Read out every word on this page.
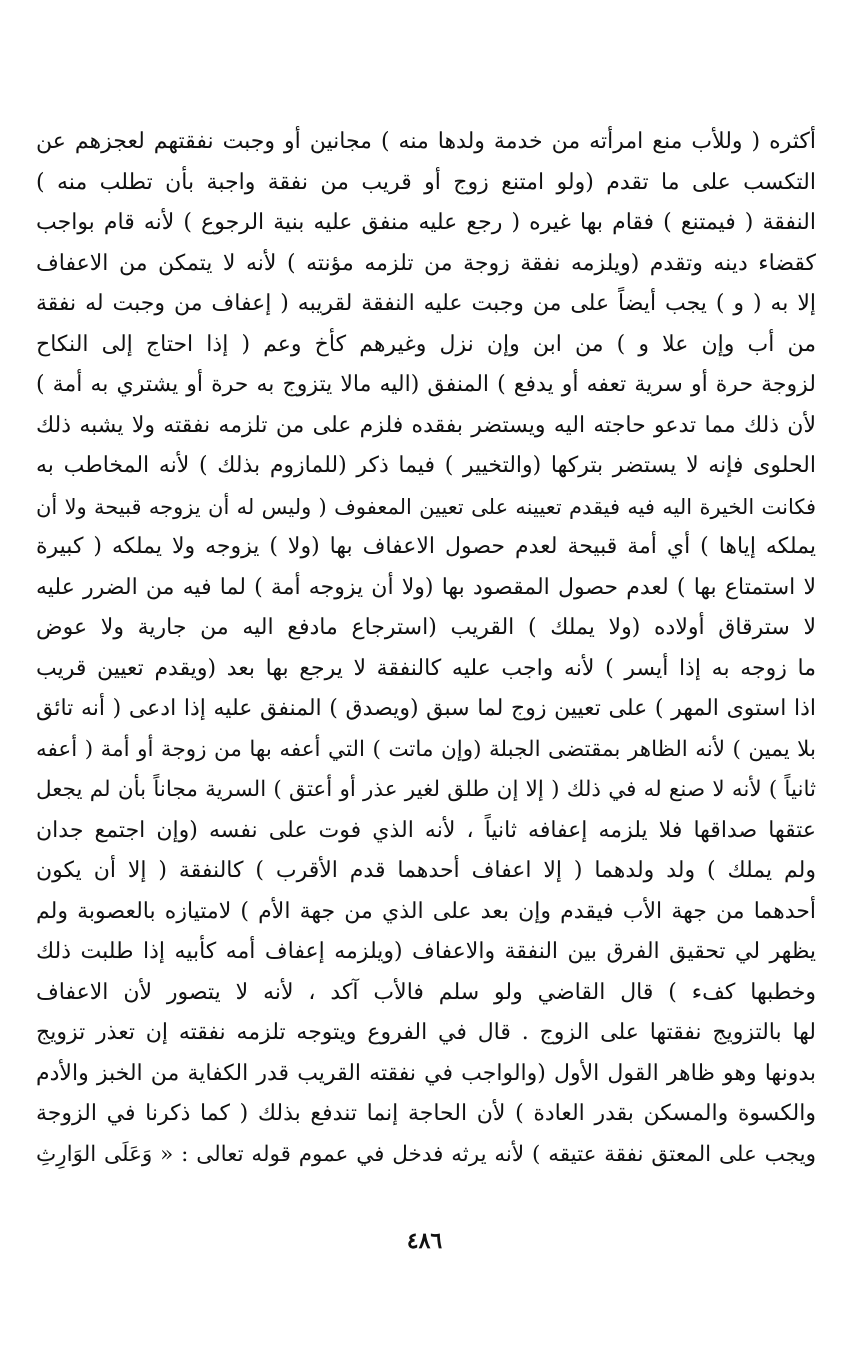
أكثره ( وللأب منع امرأته من خدمة ولدها منه ) مجانين أو وجبت نفقتهم لعجزهم عن
التكسب على ما تقدم (ولو امتنع زوج أو قريب من نفقة واجبة بأن تطلب منه )
النفقة ( فيمتنع ) فقام بها غيره ( رجع عليه منفق عليه بنية الرجوع ) لأنه قام بواجب
كقضاء دينه وتقدم (ويلزمه نفقة زوجة من تلزمه مؤنته ) لأنه لا يتمكن من الاعفاف
إلا به ( و ) يجب أيضاً على من وجبت عليه النفقة لقريبه ( إعفاف من وجبت له نفقة
من أب وإن علا و ) من ابن وإن نزل وغيرهم كأخ وعم ( إذا احتاج إلى النكاح
لزوجة حرة أو سرية تعفه أو يدفع ) المنفق (اليه مالا يتزوج به حرة أو يشتري به أمة )
لأن ذلك مما تدعو حاجته اليه ويستضر بفقده فلزم على من تلزمه نفقته ولا يشبه ذلك
الحلوى فإنه لا يستضر بتركها (والتخيير ) فيما ذكر (للمازوم بذلك ) لأنه المخاطب به
فكانت الخيرة اليه فيه فيقدم تعيينه على تعيين المعفوف ( وليس له أن يزوجه قبيحة ولا أن
يملكه إياها ) أي أمة قبيحة لعدم حصول الاعفاف بها (ولا ) يزوجه ولا يملكه ( كبيرة
لا استمتاع بها ) لعدم حصول المقصود بها (ولا أن يزوجه أمة ) لما فيه من الضرر عليه
لا سترقاق أولاده (ولا يملك ) القريب (استرجاع مادفع اليه من جارية ولا عوض
ما زوجه به إذا أيسر ) لأنه واجب عليه كالنفقة لا يرجع بها بعد (ويقدم تعيين قريب
اذا استوى المهر ) على تعيين زوج لما سبق (ويصدق ) المنفق عليه إذا ادعى ( أنه تائق
بلا يمين ) لأنه الظاهر بمقتضى الجبلة (وإن ماتت ) التي أعفه بها من زوجة أو أمة ( أعفه
ثانياً ) لأنه لا صنع له في ذلك ( إلا إن طلق لغير عذر أو أعتق ) السرية مجاناً بأن لم يجعل
عتقها صداقها فلا يلزمه إعفافه ثانياً ، لأنه الذي فوت على نفسه (وإن اجتمع جدان
ولم يملك ) ولد ولدهما ( إلا اعفاف أحدهما قدم الأقرب ) كالنفقة ( إلا أن يكون
أحدهما من جهة الأب فيقدم وإن بعد على الذي من جهة الأم ) لامتيازه بالعصوبة ولم
يظهر لي تحقيق الفرق بين النفقة والاعفاف (ويلزمه إعفاف أمه كأبيه إذا طلبت ذلك
وخطبها كفء ) قال القاضي ولو سلم فالأب آكد ، لأنه لا يتصور لأن الاعفاف
لها بالتزويج نفقتها على الزوج . قال في الفروع ويتوجه تلزمه نفقته إن تعذر تزويج
بدونها وهو ظاهر القول الأول (والواجب في نفقته القريب قدر الكفاية من الخبز والأدم
والكسوة والمسكن بقدر العادة ) لأن الحاجة إنما تندفع بذلك ( كما ذكرنا في الزوجة
ويجب على المعتق نفقة عتيقه ) لأنه يرثه فدخل في عموم قوله تعالى : « وَعَلَى الوَارِثِ
٤٨٦
